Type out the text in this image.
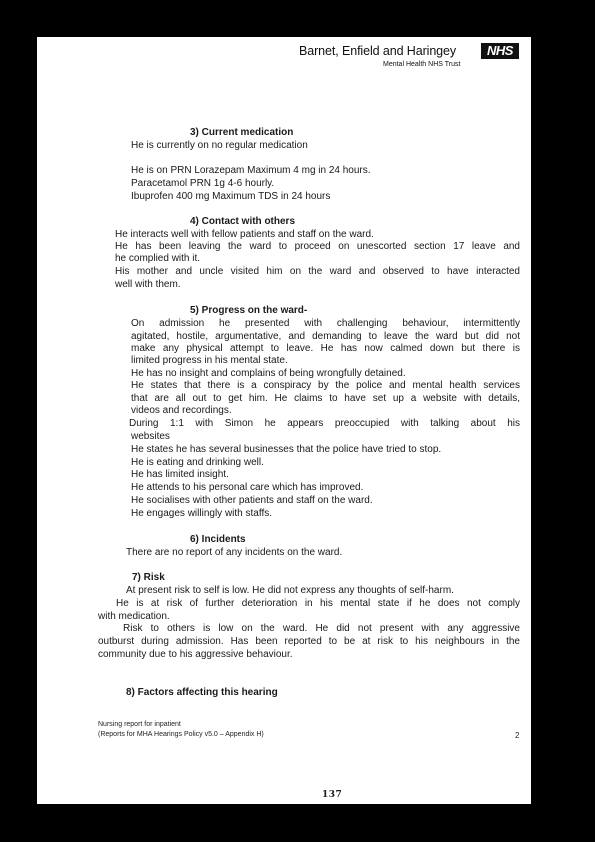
Barnet, Enfield and Haringey	NHS
Mental Health NHS Trust
3) Current medication
He is currently on no regular medication
He is on PRN Lorazepam Maximum 4 mg in 24 hours.
Paracetamol PRN 1g 4-6 hourly.
Ibuprofen 400 mg Maximum TDS in 24 hours
4) Contact with others
He interacts well with fellow patients and staff on the ward.
He has been leaving the ward to proceed on unescorted section 17 leave and
he complied with it.
His mother and uncle visited him on the ward and observed to have interacted
well with them.
5) Progress on the ward-
On admission he presented with challenging behaviour, intermittently
agitated, hostile, argumentative, and demanding to leave the ward but did not
make any physical attempt to leave. He has now calmed down but there is
limited progress in his mental state.
He has no insight and complains of being wrongfully detained.
He states that there is a conspiracy by the police and mental health services
that are all out to get him. He claims to have set up a website with details,
videos and recordings.
During 1:1 with Simon he appears preoccupied with talking about his
websites
He states he has several businesses that the police have tried to stop.
He is eating and drinking well.
He has limited insight.
He attends to his personal care which has improved.
He socialises with other patients and staff on the ward.
He engages willingly with staffs.
6) Incidents
There are no report of any incidents on the ward.
7) Risk
At present risk to self is low. He did not express any thoughts of self-harm.
He is at risk of further deterioration in his mental state if he does not comply
with medication.
Risk to others is low on the ward. He did not present with any aggressive
outburst during admission. Has been reported to be at risk to his neighbours in the
community due to his aggressive behaviour.
8) Factors affecting this hearing
Nursing report for inpatient
(Reports for MHA Hearings Policy v5.0 – Appendix H)	2
137
